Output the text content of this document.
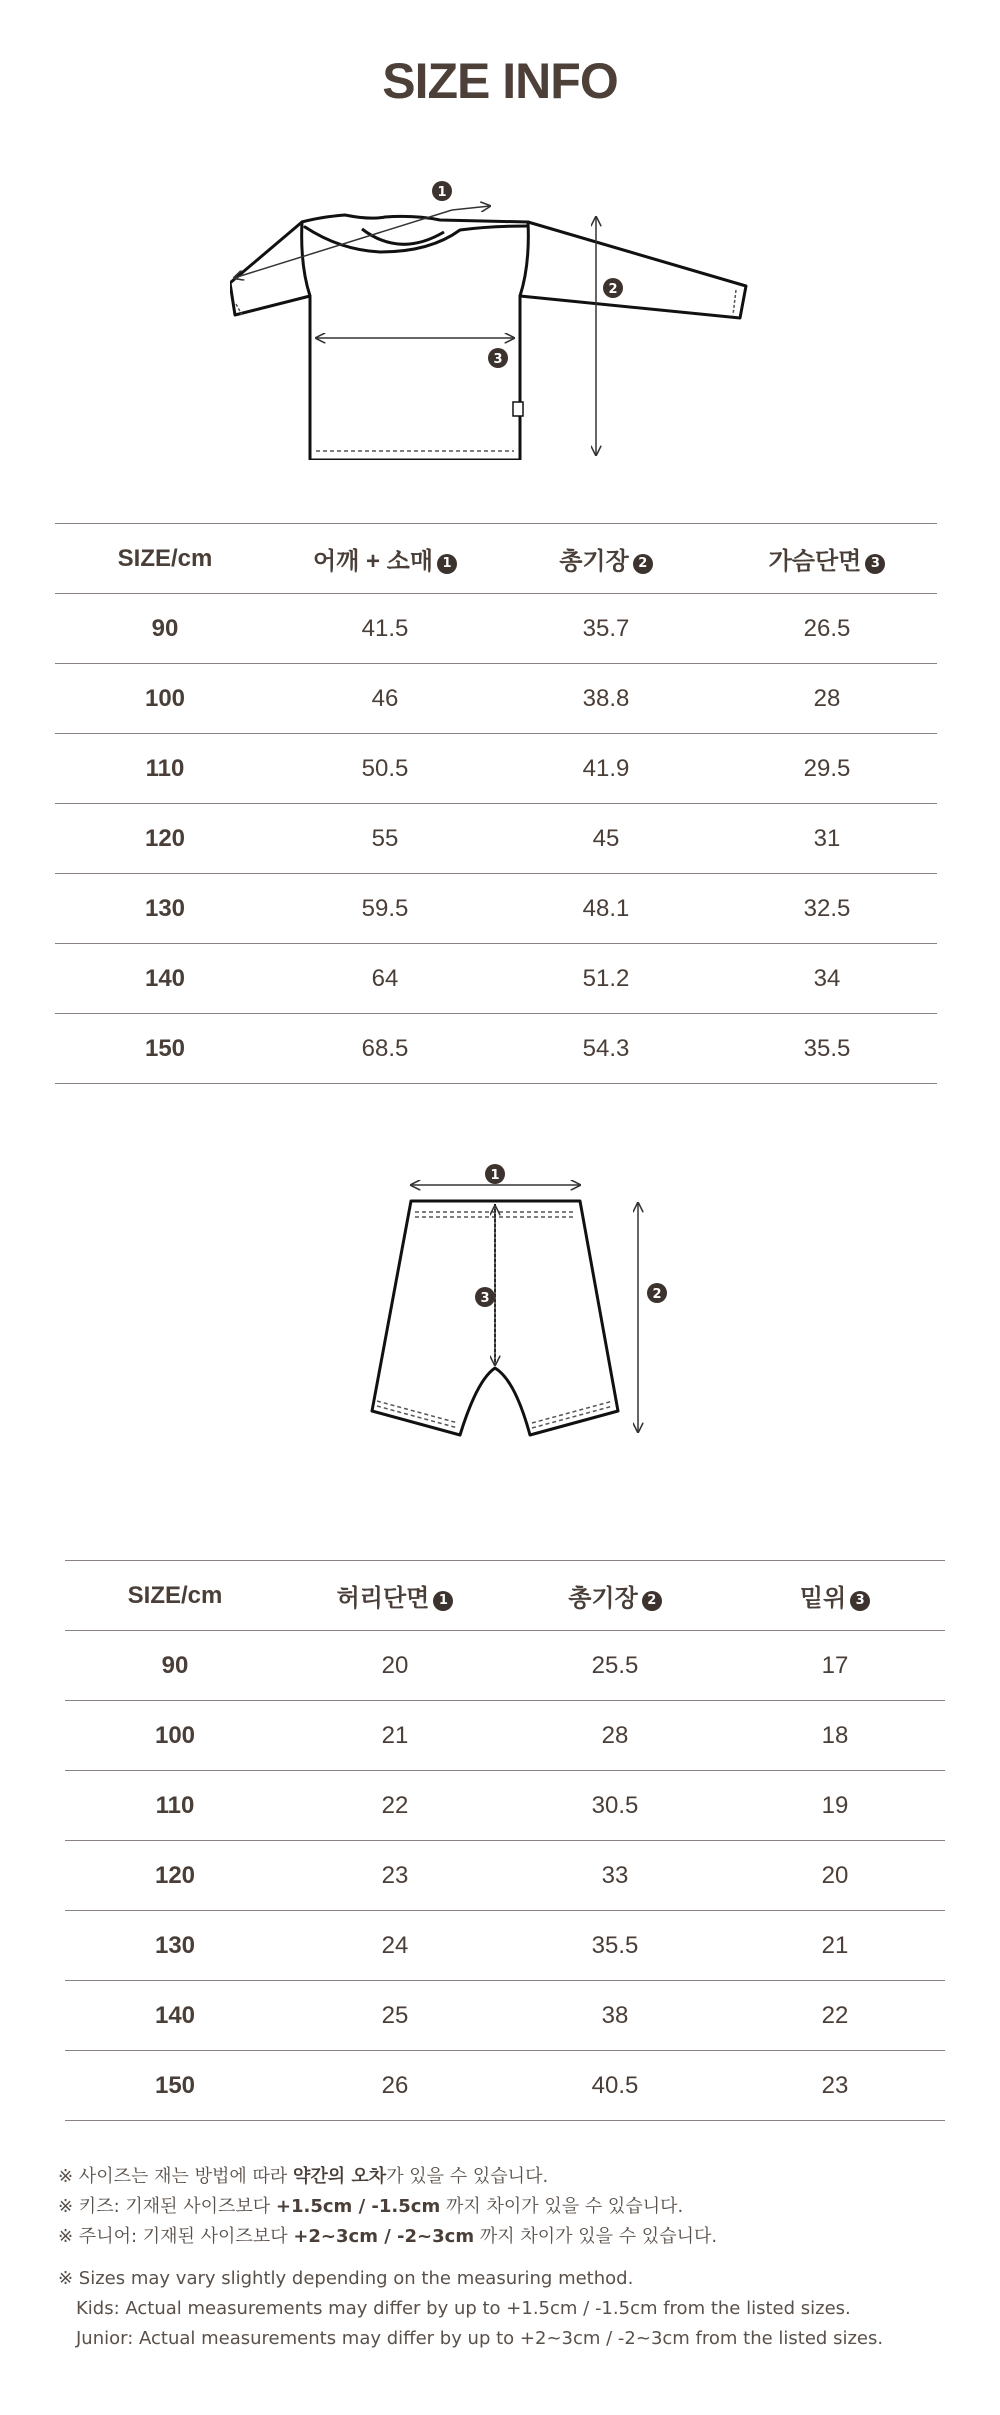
SIZE INFO
1
2
3
SIZE/cm	어깨 + 소매 1	총기장 2	가슴단면 3
90	41.5	35.7	26.5
100	46	38.8	28
110	50.5	41.9	29.5
120	55	45	31
130	59.5	48.1	32.5
140	64	51.2	34
150	68.5	54.3	35.5
1
2
3
SIZE/cm	허리단면 1	총기장 2	밑위 3
90	20	25.5	17
100	21	28	18
110	22	30.5	19
120	23	33	20
130	24	35.5	21
140	25	38	22
150	26	40.5	23
※ 사이즈는 재는 방법에 따라 약간의 오차가 있을 수 있습니다.
※ 키즈: 기재된 사이즈보다 +1.5cm / -1.5cm 까지 차이가 있을 수 있습니다.
※ 주니어: 기재된 사이즈보다 +2~3cm / -2~3cm 까지 차이가 있을 수 있습니다.
※ Sizes may vary slightly depending on the measuring method.
Kids: Actual measurements may differ by up to +1.5cm / -1.5cm from the listed sizes.
Junior: Actual measurements may differ by up to +2~3cm / -2~3cm from the listed sizes.
